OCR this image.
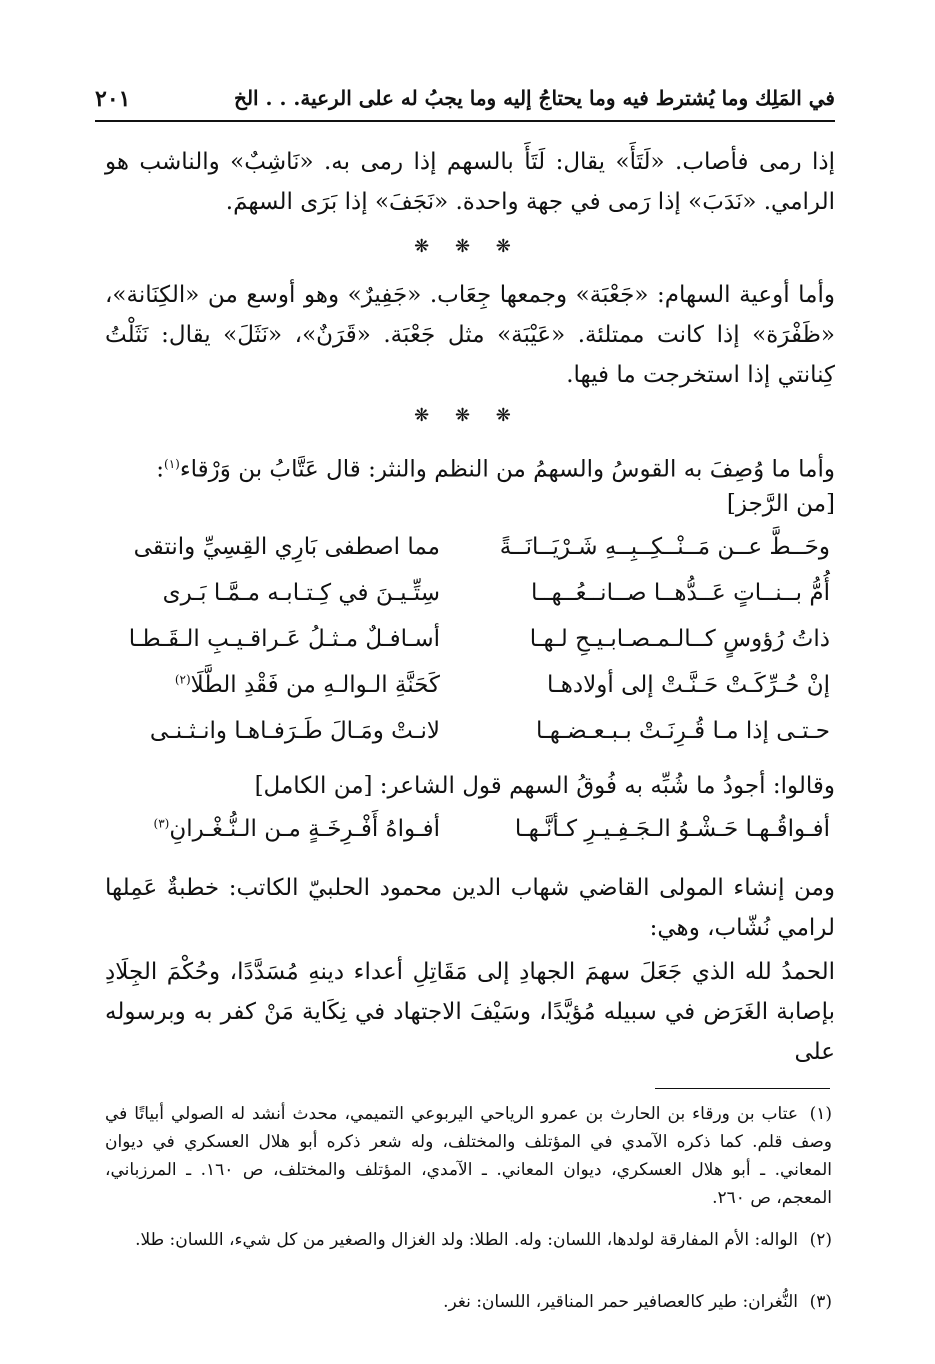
في المَلِك وما يُشترط فيه وما يحتاجُ إليه وما يجبُ له على الرعية. . . الخ
٢٠١
إذا رمى فأصاب. «لَتَأَ» يقال: لَتَأَ بالسهم إذا رمى به. «نَاشِبٌ» والناشب هو الرامي. «نَدَبَ» إذا رَمى في جهة واحدة. «نَجَفَ» إذا بَرَى السهمَ.
❋ ❋ ❋
وأما أوعية السهام: «جَعْبَة» وجمعها جِعَاب. «جَفِيرٌ» وهو أوسع من «الكِنَانة»، «ظَفْرَة» إذا كانت ممتلئة. «عَيْبَة» مثل جَعْبَة. «قَرَنٌ»، «نَثَلَ» يقال: نَثَلْتُ كِنانتي إذا استخرجت ما فيها.
❋ ❋ ❋
وأما ما وُصِفَ به القوسُ والسهمُ من النظم والنثر: قال عَتَّابُ بن وَرْقاء$^{(١)}$:
[من الرَّجز]
وحَــطَّ عــن مَــنْــكِــبِــهِ شَـرْيَــانَــةً
مما اصطفى بَارِي القِسِيِّ وانتقى
أُمُّ بــنــاتٍ عَــدُّهــا صــانــعُــهــا
سِتِّـيـنَ في كِـتـابـه مـمَّـا بَـرى
ذاتُ رُؤوسٍ كــالـمـصـابـيـحِ لـهـا
أسـافـلٌ مـثـلُ عَـراقـيـبِ الـقَـطـا
إنْ حُـرِّكَـتْ حَـنَّـتْ إلى أولادهـا
كَحَنَّةِ الـوالـهِ من فَقْدِ الطَّلَا$^{(٢)}$
حـتـى إذا مـا قُـرِنَـتْ بـبـعـضـهـا
لانـتْ ومَـالَ طَـرَفـاهـا وانـثـنـى
وقالوا: أجودُ ما شُبِّه به فُوقُ السهم قول الشاعر: [من الكامل]
أفـواقُـهـا حَـشْـوُ الـجَـفِـيـرِ كـأنَّـهـا
أفـواهُ أَفْـرِخَـةٍ مـن الـنُّـغْـرانِ$^{(٣)}$
ومن إنشاء المولى القاضي شهاب الدين محمود الحلبيّ الكاتب: خطبةٌ عَمِلها لرامي نُشّاب، وهي:
الحمدُ لله الذي جَعَلَ سهمَ الجهادِ إلى مَقَاتِلِ أعداء دينهِ مُسَدَّدًا، وحُكْمَ الجِلَادِ بإصابة الغَرَض في سبيله مُؤيَّدًا، وسَيْفَ الاجتهاد في نِكَاية مَنْ كفر به وبرسوله على
(١)عتاب بن ورقاء بن الحارث بن عمرو الرياحي اليربوعي التميمي، محدث أنشد له الصولي أبياتًا في وصف قلم. كما ذكره الآمدي في المؤتلف والمختلف، وله شعر ذكره أبو هلال العسكري في ديوان المعاني. ـ أبو هلال العسكري، ديوان المعاني. ـ الآمدي، المؤتلف والمختلف، ص ١٦٠. ـ المرزباني، المعجم، ص ٢٦٠.
(٢)الواله: الأم المفارقة لولدها، اللسان: وله. الطلا: ولد الغزال والصغير من كل شيء، اللسان: طلا.
(٣)النُّغران: طير كالعصافير حمر المناقير، اللسان: نغر.
